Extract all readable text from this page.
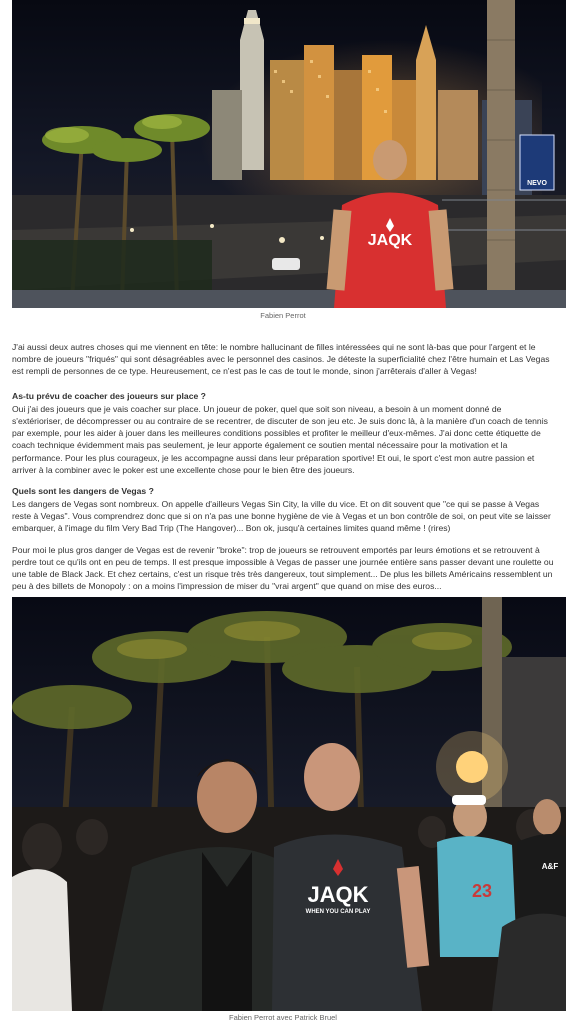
NEVO
JAQK
Fabien Perrot

J'ai aussi deux autres choses qui me viennent en tête: le nombre hallucinant de filles intéressées qui ne sont là-bas que pour l'argent et le nombre de joueurs "friqués" qui sont désagréables avec le personnel des casinos. Je déteste la superficialité chez l'être humain et Las Vegas est rempli de personnes de ce type. Heureusement, ce n'est pas le cas de tout le monde, sinon j'arrêterais d'aller à Vegas!

As-tu prévu de coacher des joueurs sur place ?

Oui j'ai des joueurs que je vais coacher sur place. Un joueur de poker, quel que soit son niveau, a besoin à un moment donné de s'extérioriser, de décompresser ou au contraire de se recentrer, de discuter de son jeu etc. Je suis donc là, à la manière d'un coach de tennis par exemple, pour les aider à jouer dans les meilleures conditions possibles et profiter le meilleur d'eux-mêmes. J'ai donc cette étiquette de coach technique évidemment mais pas seulement, je leur apporte également ce soutien mental nécessaire pour la motivation et la performance. Pour les plus courageux, je les accompagne aussi dans leur préparation sportive! Et oui, le sport c'est mon autre passion et arriver à la combiner avec le poker est une excellente chose pour le bien être des joueurs.

Quels sont les dangers de Vegas ?

Les dangers de Vegas sont nombreux. On appelle d'ailleurs Vegas Sin City, la ville du vice. Et on dit souvent que "ce qui se passe à Vegas reste à Vegas". Vous comprendrez donc que si on n'a pas une bonne hygiène de vie à Vegas et un bon contrôle de soi, on peut vite se laisser embarquer, à l'image du film Very Bad Trip (The Hangover)... Bon ok, jusqu'à certaines limites quand même ! (rires)

Pour moi le plus gros danger de Vegas est de revenir "broke": trop de joueurs se retrouvent emportés par leurs émotions et se retrouvent à perdre tout ce qu'ils ont en peu de temps. Il est presque impossible à Vegas de passer une journée entière sans passer devant une roulette ou une table de Black Jack. Et chez certains, c'est un risque très très dangereux, tout simplement... De plus les billets Américains ressemblent un peu à des billets de Monopoly : on a moins l'impression de miser du "vrai argent" que quand on mise des euros...

JAQK
WHEN YOU CAN PLAY
23
A&F
Fabien Perrot avec Patrick Bruel
